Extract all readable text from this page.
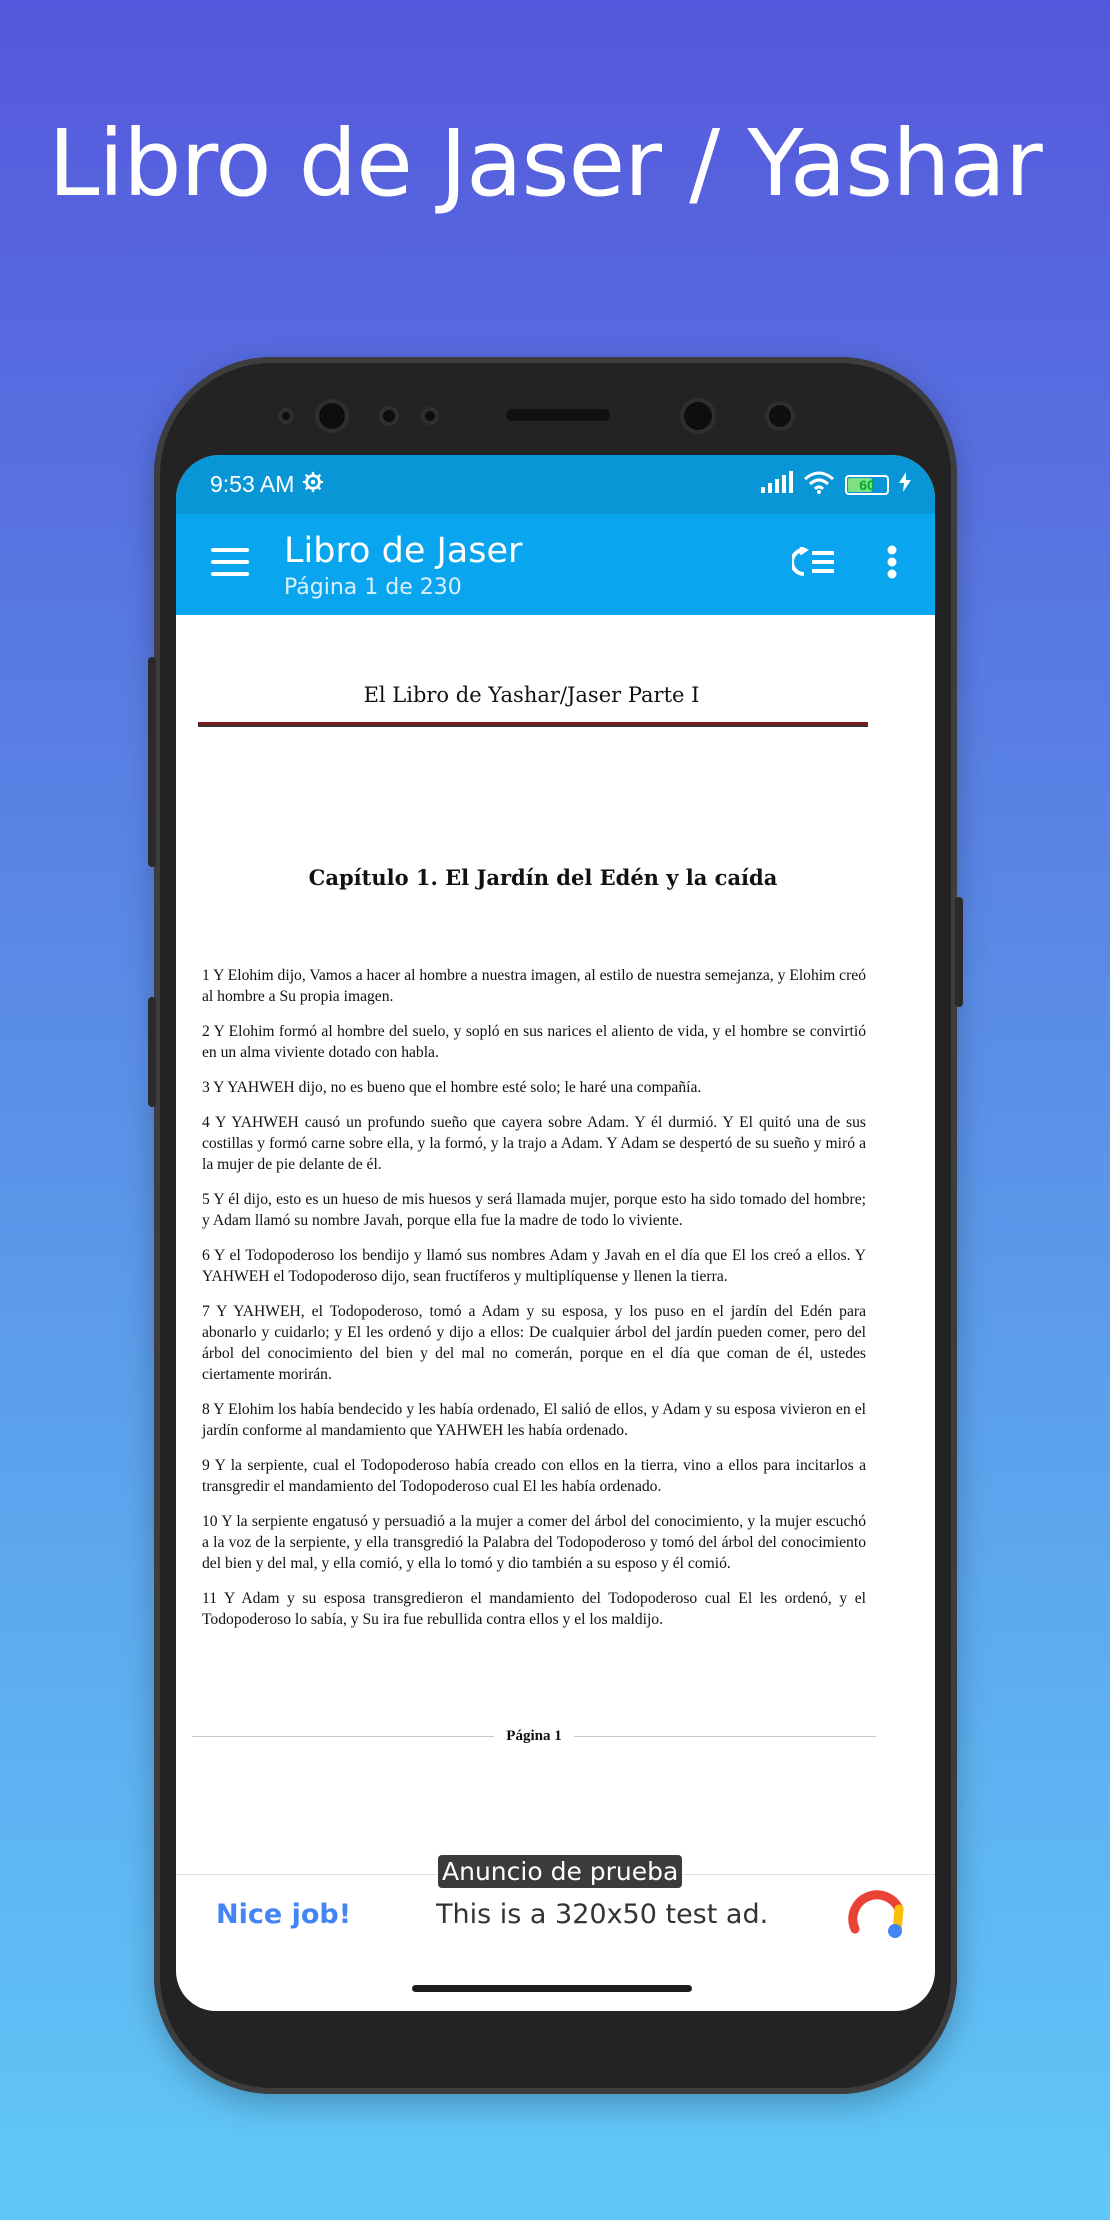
Libro de Jaser / Yashar
9:53 AM	60
Libro de Jaser
Página 1 de 230
El Libro de Yashar/Jaser Parte I
Capítulo 1. El Jardín del Edén y la caída

1 Y Elohim dijo, Vamos a hacer al hombre a nuestra imagen, al estilo de nuestra semejanza, y Elohim creó al hombre a Su propia imagen.

2 Y Elohim formó al hombre del suelo, y sopló en sus narices el aliento de vida, y el hombre se convirtió en un alma viviente dotado con habla.

3 Y YAHWEH dijo, no es bueno que el hombre esté solo; le haré una compañía.

4 Y YAHWEH causó un profundo sueño que cayera sobre Adam. Y él durmió. Y El quitó una de sus costillas y formó carne sobre ella, y la formó, y la trajo a Adam. Y Adam se despertó de su sueño y miró a la mujer de pie delante de él.

5 Y él dijo, esto es un hueso de mis huesos y será llamada mujer, porque esto ha sido tomado del hombre; y Adam llamó su nombre Javah, porque ella fue la madre de todo lo viviente.

6 Y el Todopoderoso los bendijo y llamó sus nombres Adam y Javah en el día que El los creó a ellos. Y YAHWEH el Todopoderoso dijo, sean fructíferos y multiplíquense y llenen la tierra.

7 Y YAHWEH, el Todopoderoso, tomó a Adam y su esposa, y los puso en el jardín del Edén para abonarlo y cuidarlo; y El les ordenó y dijo a ellos: De cualquier árbol del jardín pueden comer, pero del árbol del conocimiento del bien y del mal no comerán, porque en el día que coman de él, ustedes ciertamente morirán.

8 Y Elohim los había bendecido y les había ordenado, El salió de ellos, y Adam y su esposa vivieron en el jardín conforme al mandamiento que YAHWEH les había ordenado.

9 Y la serpiente, cual el Todopoderoso había creado con ellos en la tierra, vino a ellos para incitarlos a transgredir el mandamiento del Todopoderoso cual El les había ordenado.

10 Y la serpiente engatusó y persuadió a la mujer a comer del árbol del conocimiento, y la mujer escuchó a la voz de la serpiente, y ella transgredió la Palabra del Todopoderoso y tomó del árbol del conocimiento del bien y del mal, y ella comió, y ella lo tomó y dio también a su esposo y él comió.

11 Y Adam y su esposa transgredieron el mandamiento del Todopoderoso cual El les ordenó, y el Todopoderoso lo sabía, y Su ira fue rebullida contra ellos y el los maldijo.

Página 1
Anuncio de prueba
Nice job!	This is a 320x50 test ad.
